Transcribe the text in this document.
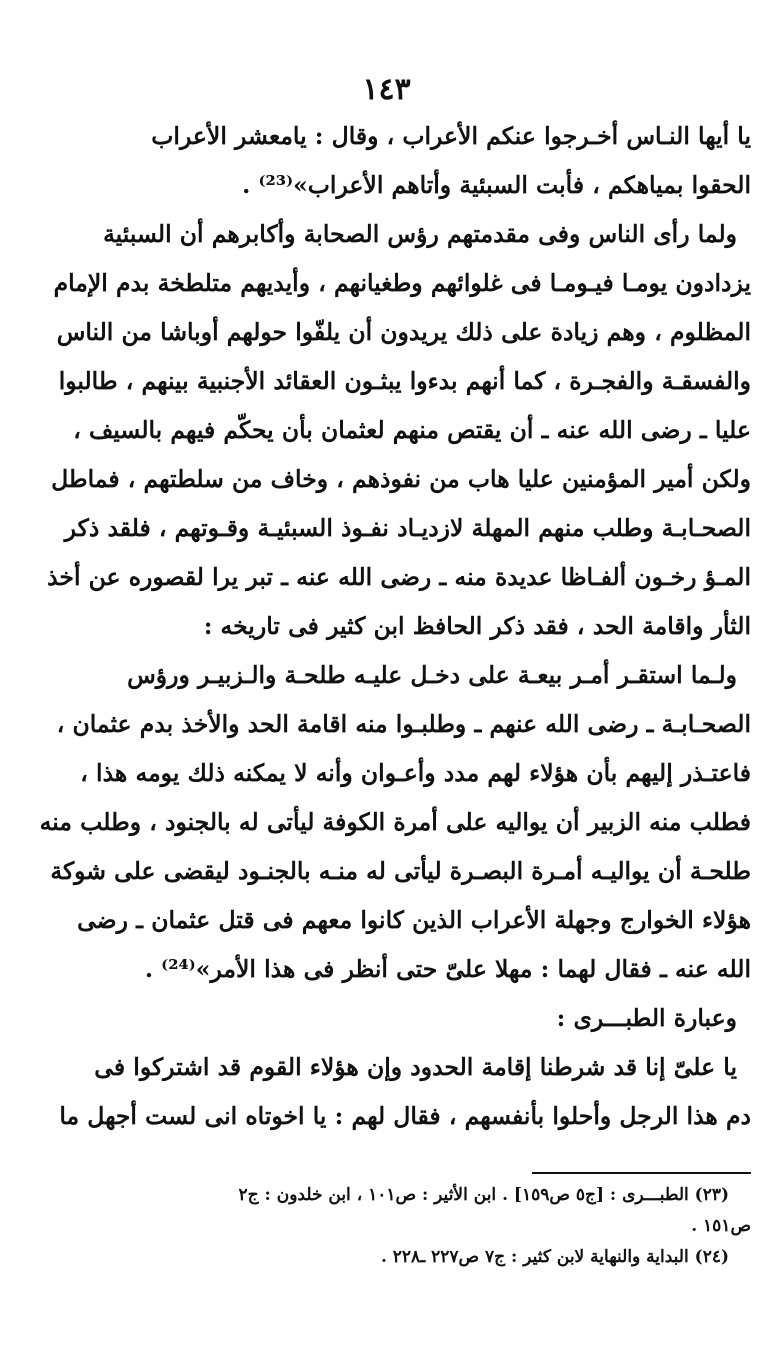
١٤٣
يا أيها النـاس أخـرجوا عنكم الأعراب ، وقال : يامعشر الأعراب
الحقوا بمياهكم ، فأبت السبئية وأتاهم الأعراب»⁽²³⁾ .
ولما رأى الناس وفى مقدمتهم رؤس الصحابة وأكابرهم أن السبئية
يزدادون يومـا فيـومـا فى غلوائهم وطغيانهم ، وأيديهم متلطخة بدم الإمام
المظلوم ، وهم زيادة على ذلك يريدون أن يلفّوا حولهم أوباشا من الناس
والفسقـة والفجـرة ، كما أنهم بدءوا يبثـون العقائد الأجنبية بينهم ، طالبوا
عليا ـ رضى الله عنه ـ أن يقتص منهم لعثمان بأن يحكّم فيهم بالسيف ،
ولكن أمير المؤمنين عليا هاب من نفوذهم ، وخاف من سلطتهم ، فماطل
الصحـابـة وطلب منهم المهلة لازديـاد نفـوذ السبئيـة وقـوتهم ، فلقد ذكر
المـؤ رخـون ألفـاظا عديدة منه ـ رضى الله عنه ـ تبر يرا لقصوره عن أخذ
الثأر واقامة الحد ، فقد ذكر الحافظ ابن كثير فى تاريخه :
ولـما استقـر أمـر بيعـة على دخـل عليـه طلحـة والـزبيـر ورؤس
الصحـابـة ـ رضى الله عنهم ـ وطلبـوا منه اقامة الحد والأخذ بدم عثمان ،
فاعتـذر إليهم بأن هؤلاء لهم مدد وأعـوان وأنه لا يمكنه ذلك يومه هذا ،
فطلب منه الزبير أن يواليه على أمرة الكوفة ليأتى له بالجنود ، وطلب منه
طلحـة أن يواليـه أمـرة البصـرة ليأتى له منـه بالجنـود ليقضى على شوكة
هؤلاء الخوارج وجهلة الأعراب الذين كانوا معهم فى قتل عثمان ـ رضى
الله عنه ـ فقال لهما : مهلا علىّ حتى أنظر فى هذا الأمر»⁽²⁴⁾ .
وعبارة الطبـــرى :
يا علىّ إنا قد شرطنا إقامة الحدود وإن هؤلاء القوم قد اشتركوا فى
دم هذا الرجل وأحلوا بأنفسهم ، فقال لهم : يا اخوتاه انى لست أجهل ما
(٢٣) الطبـــرى : [ج٥ ص١٥٩] . ابن الأثير : ص١٠١ ، ابن خلدون : ج٢
ص١٥١ .
(٢٤) البداية والنهاية لابن كثير : ج٧ ص٢٢٧ ـ٢٢٨ .
